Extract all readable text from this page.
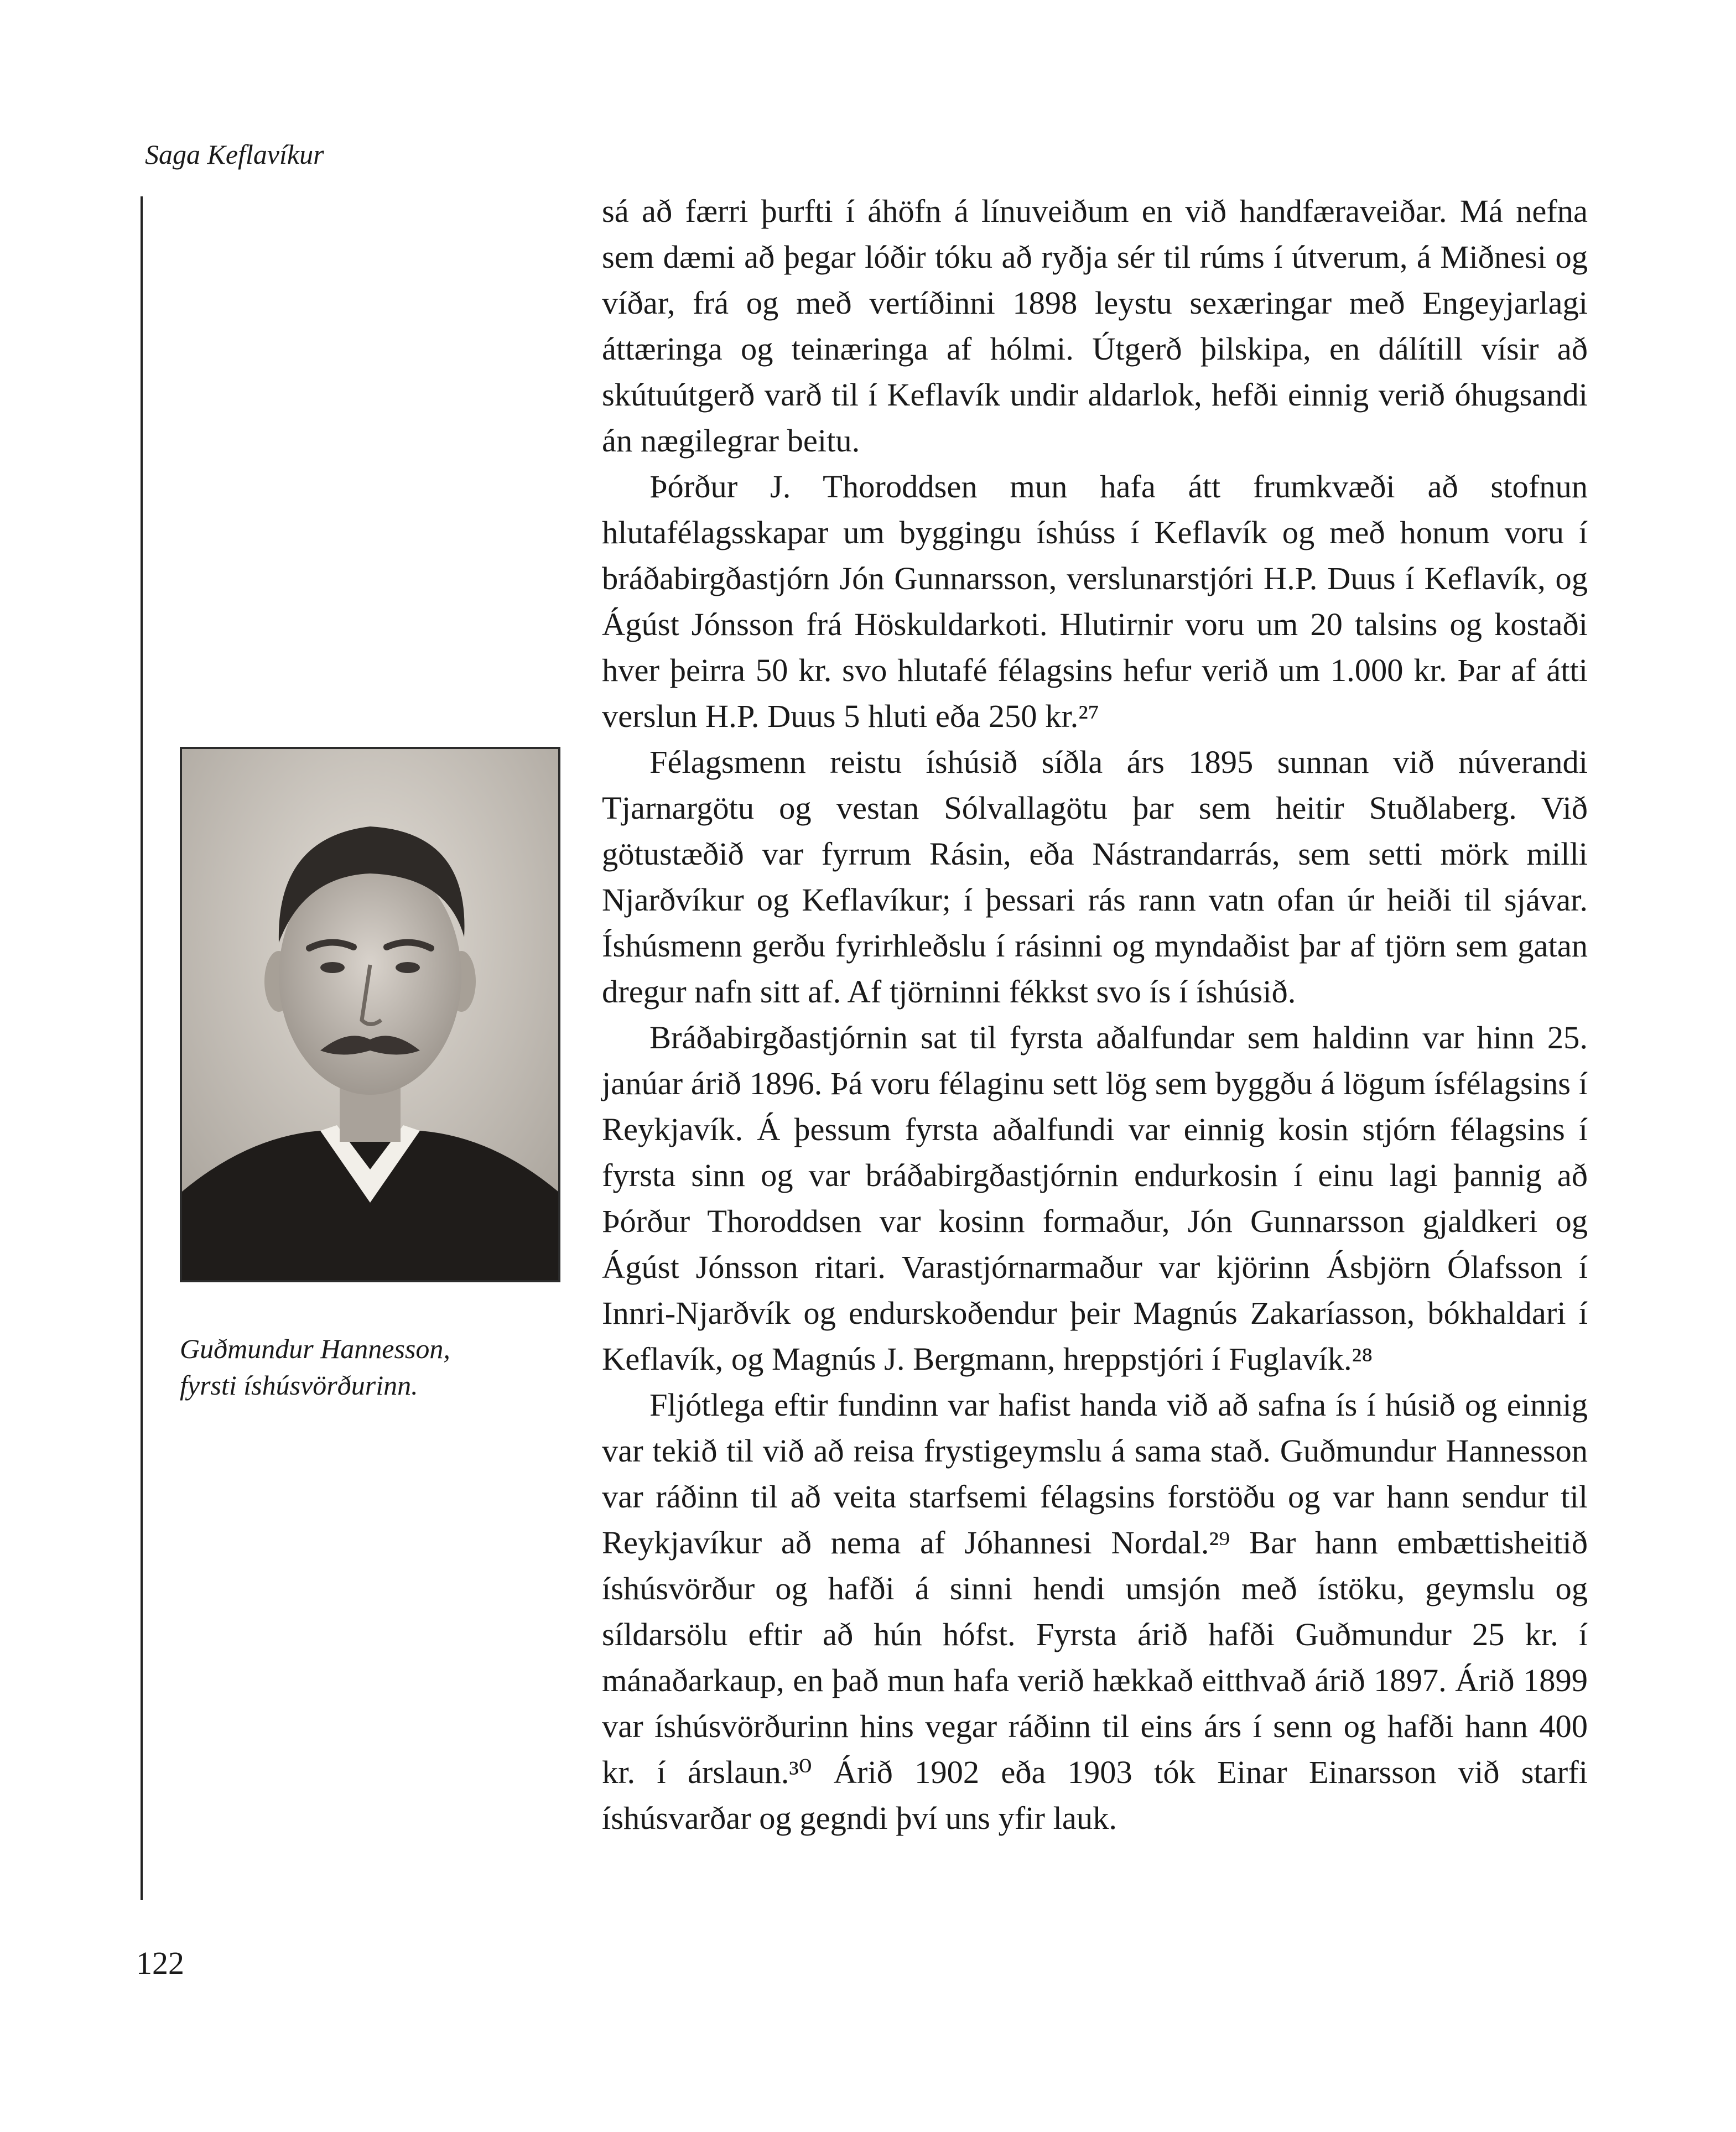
Saga Keflavíkur
Guðmundur Hannesson,
fyrsti íshúsvörðurinn.

sá að færri þurfti í áhöfn á línuveiðum en við handfæraveiðar. Má nefna sem dæmi að þegar lóðir tóku að ryðja sér til rúms í útverum, á Miðnesi og víðar, frá og með vertíðinni 1898 leystu sexæringar með Engeyjarlagi áttæringa og teinæringa af hólmi. Útgerð þilskipa, en dálítill vísir að skútuútgerð varð til í Keflavík undir aldarlok, hefði einnig verið óhugsandi án nægilegrar beitu.

Þórður J. Thoroddsen mun hafa átt frumkvæði að stofnun hlutafélagsskapar um byggingu íshúss í Keflavík og með honum voru í bráðabirgðastjórn Jón Gunnarsson, verslunarstjóri H.P. Duus í Keflavík, og Ágúst Jónsson frá Höskuldarkoti. Hlutirnir voru um 20 talsins og kostaði hver þeirra 50 kr. svo hlutafé félagsins hefur verið um 1.000 kr. Þar af átti verslun H.P. Duus 5 hluti eða 250 kr.²⁷

Félagsmenn reistu íshúsið síðla árs 1895 sunnan við núverandi Tjarnargötu og vestan Sólvallagötu þar sem heitir Stuðlaberg. Við götustæðið var fyrrum Rásin, eða Nástrandarrás, sem setti mörk milli Njarðvíkur og Keflavíkur; í þessari rás rann vatn ofan úr heiði til sjávar. Íshúsmenn gerðu fyrirhleðslu í rásinni og myndaðist þar af tjörn sem gatan dregur nafn sitt af. Af tjörninni fékkst svo ís í íshúsið.

Bráðabirgðastjórnin sat til fyrsta aðalfundar sem haldinn var hinn 25. janúar árið 1896. Þá voru félaginu sett lög sem byggðu á lögum ísfélagsins í Reykjavík. Á þessum fyrsta aðalfundi var einnig kosin stjórn félagsins í fyrsta sinn og var bráðabirgðastjórnin endurkosin í einu lagi þannig að Þórður Thoroddsen var kosinn formaður, Jón Gunnarsson gjaldkeri og Ágúst Jónsson ritari. Varastjórnarmaður var kjörinn Ásbjörn Ólafsson í Innri-Njarðvík og endurskoðendur þeir Magnús Zakaríasson, bókhaldari í Keflavík, og Magnús J. Bergmann, hreppstjóri í Fuglavík.²⁸

Fljótlega eftir fundinn var hafist handa við að safna ís í húsið og einnig var tekið til við að reisa frystigeymslu á sama stað. Guðmundur Hannesson var ráðinn til að veita starfsemi félagsins forstöðu og var hann sendur til Reykjavíkur að nema af Jóhannesi Nordal.²⁹ Bar hann embættisheitið íshúsvörður og hafði á sinni hendi umsjón með ístöku, geymslu og síldarsölu eftir að hún hófst. Fyrsta árið hafði Guðmundur 25 kr. í mánaðarkaup, en það mun hafa verið hækkað eitthvað árið 1897. Árið 1899 var íshúsvörðurinn hins vegar ráðinn til eins árs í senn og hafði hann 400 kr. í árslaun.³⁰ Árið 1902 eða 1903 tók Einar Einarsson við starfi íshúsvarðar og gegndi því uns yfir lauk.

122
